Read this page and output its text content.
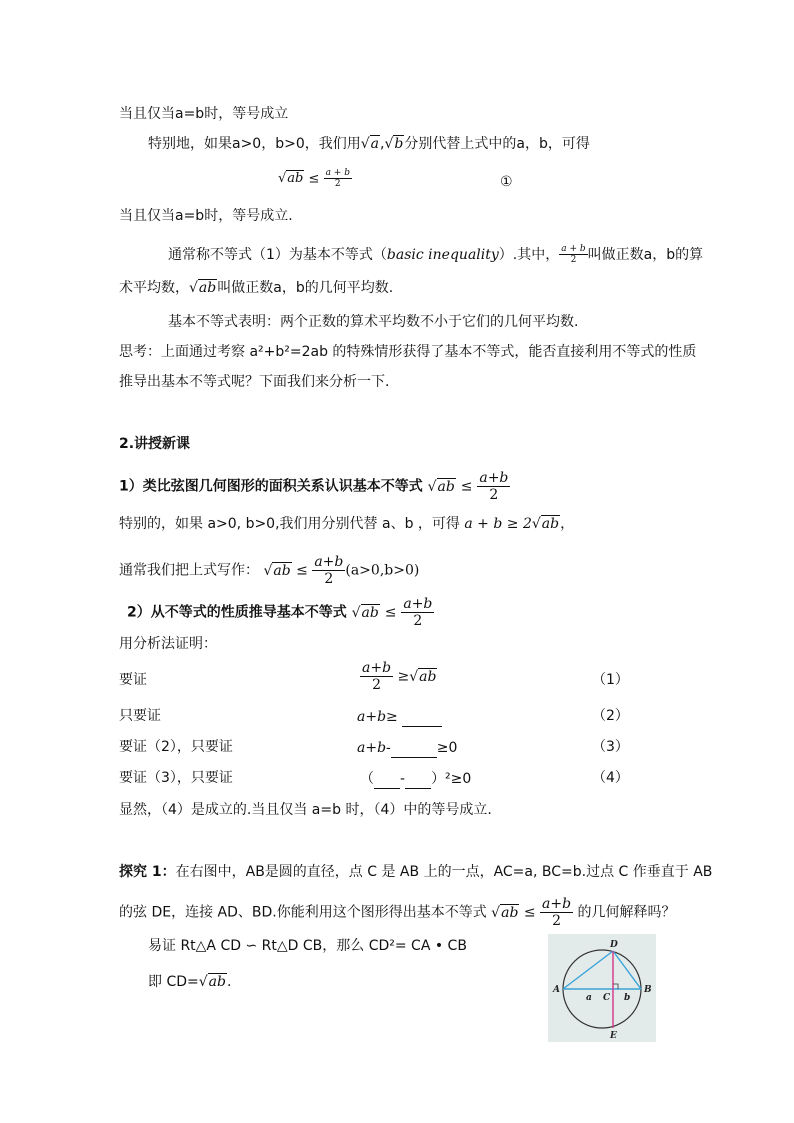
当且仅当a=b时，等号成立
特别地，如果a>0，b>0，我们用√a,√b分别代替上式中的a，b，可得
$√ab \le \frac{a + b}{2}$	①
当且仅当a=b时，等号成立.
通常称不等式（1）为基本不等式（basic inequality）.其中， $\frac{a + b}{2}$ 叫做正数a，b的算
术平均数，√ab叫做正数a，b的几何平均数.
基本不等式表明：两个正数的算术平均数不小于它们的几何平均数.
思考：上面通过考察 a²+b²=2ab 的特殊情形获得了基本不等式，能否直接利用不等式的性质
推导出基本不等式呢？下面我们来分析一下.
2.讲授新课
1）类比弦图几何图形的面积关系认识基本不等式 $√ab \le \frac{a+b}{2}$
特别的，如果 a>0, b>0,我们用分别代替 a、b ，可得 a + b ≥ 2√ab，
通常我们把上式写作： $√ab \le \frac{a+b}{2} (a>0,b>0)$
2）从不等式的性质推导基本不等式 $√ab \le \frac{a+b}{2}$
用分析法证明：
要证	$\frac{a+b}{2} \ge√ab$	（1）
只要证	a+b≥	（2）
要证（2），只要证	a+b-	≥0	（3）
要证（3），只要证	（ - ）²≥0	（4）
显然，（4）是成立的.当且仅当 a=b 时，（4）中的等号成立.
探究 1：在右图中，AB是圆的直径，点 C 是 AB 上的一点，AC=a, BC=b.过点 C 作垂直于 AB
的弦 DE，连接 AD、BD.你能利用这个图形得出基本不等式 $√ab \le \frac{a+b}{2}$ 的几何解释吗？
易证 Rt△A CD ∽ Rt△D CB，那么 CD²= CA • CB
即 CD=√ab.	A	B
C
D
E
a	b
